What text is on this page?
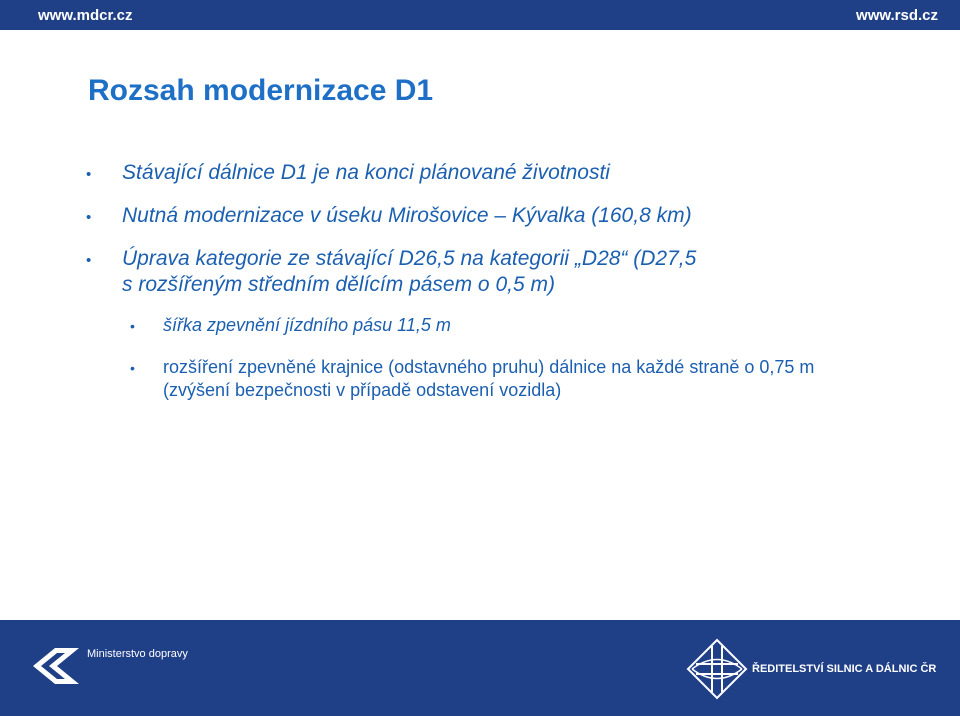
www.mdcr.cz	www.rsd.cz
Rozsah modernizace D1
• Stávající dálnice D1 je na konci plánované životnosti
• Nutná modernizace v úseku Mirošovice – Kývalka (160,8 km)
• Úprava kategorie ze stávající D26,5 na kategorii „D28“ (D27,5
s rozšířeným středním dělícím pásem o 0,5 m)
• šířka zpevnění jízdního pásu 11,5 m
• rozšíření zpevněné krajnice (odstavného pruhu) dálnice na každé straně o 0,75 m (zvýšení bezpečnosti v případě odstavení vozidla)
Ministerstvo dopravy
ŘEDITELSTVÍ SILNIC A DÁLNIC ČR
